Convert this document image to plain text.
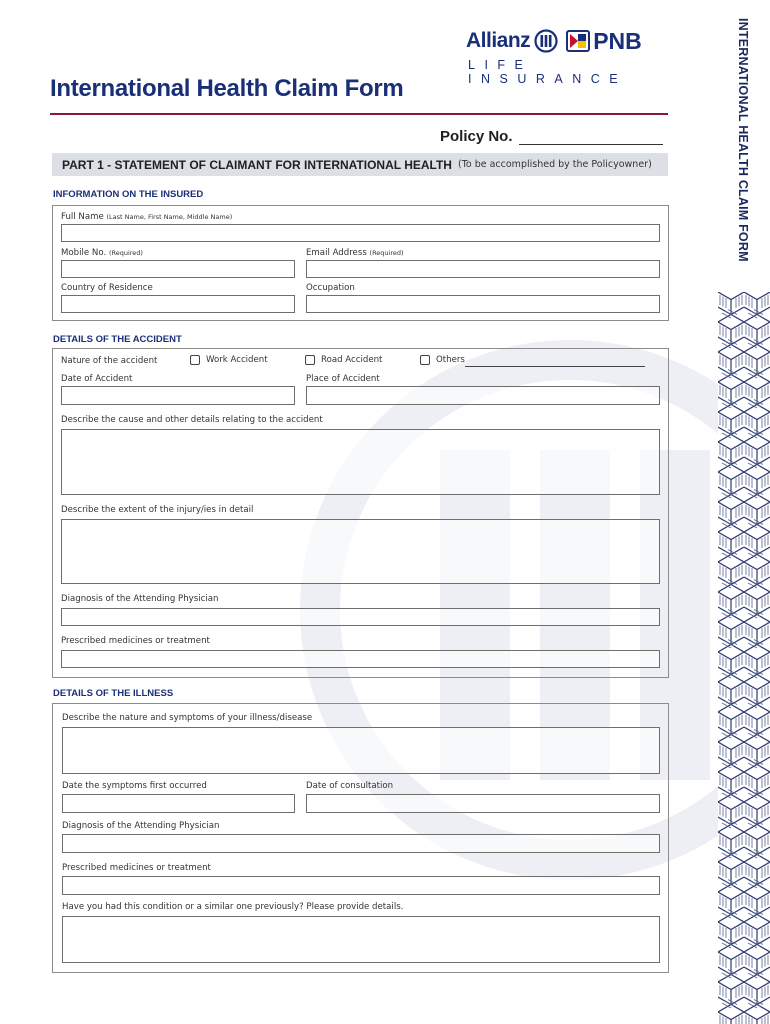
INTERNATIONAL HEALTH CLAIM FORM
Allianz	PNB
LIFE INSURANCE
International Health Claim Form
Policy No.
PART 1 - STATEMENT OF CLAIMANT FOR INTERNATIONAL HEALTH (To be accomplished by the Policyowner)
INFORMATION ON THE INSURED
Full Name (Last Name, First Name, Middle Name)
Mobile No. (Required)	Email Address (Required)
Country of Residence	Occupation
DETAILS OF THE ACCIDENT
Nature of the accident	Work Accident	Road Accident	Others
Date of Accident	Place of Accident
Describe the cause and other details relating to the accident
Describe the extent of the injury/ies in detail
Diagnosis of the Attending Physician
Prescribed medicines or treatment
DETAILS OF THE ILLNESS
Describe the nature and symptoms of your illness/disease
Date the symptoms first occurred	Date of consultation
Diagnosis of the Attending Physician
Prescribed medicines or treatment
Have you had this condition or a similar one previously? Please provide details.
